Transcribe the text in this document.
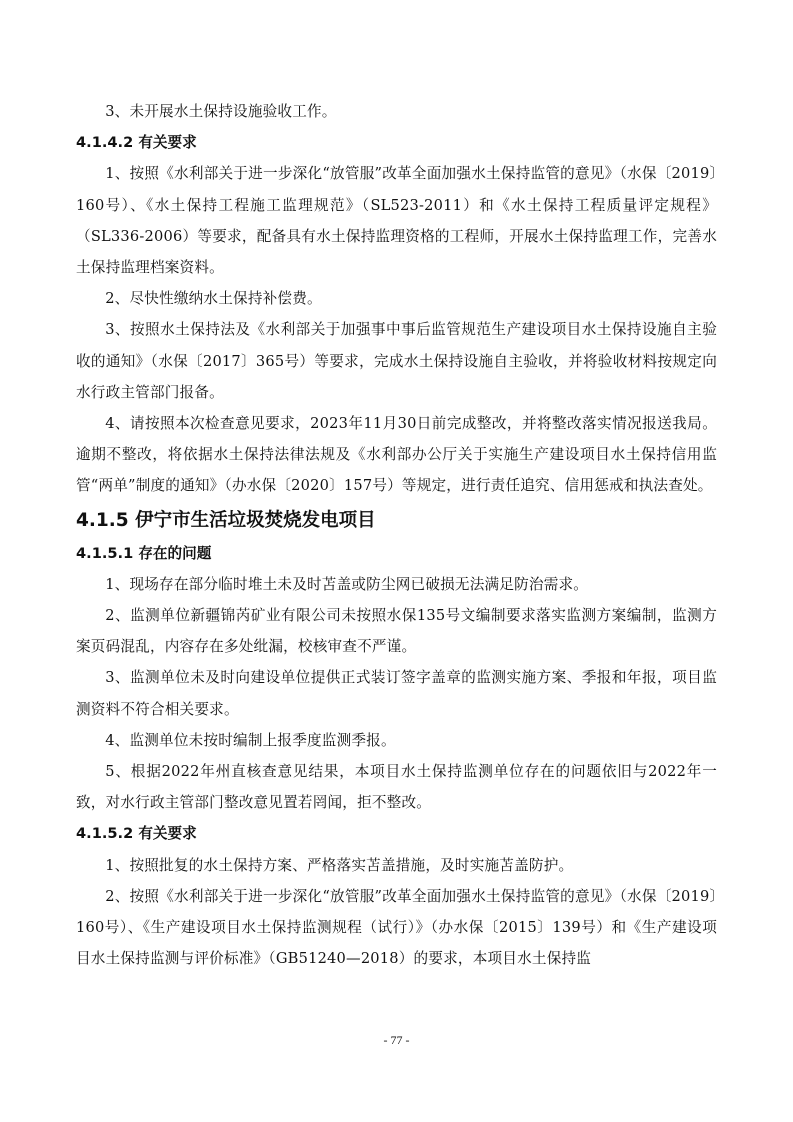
3、未开展水土保持设施验收工作。

4.1.4.2 有关要求

1、按照《水利部关于进一步深化“放管服”改革全面加强水土保持监管的意见》（水保〔2019〕160号）、《水土保持工程施工监理规范》（SL523-2011）和《水土保持工程质量评定规程》（SL336-2006）等要求，配备具有水土保持监理资格的工程师，开展水土保持监理工作，完善水土保持监理档案资料。

2、尽快性缴纳水土保持补偿费。

3、按照水土保持法及《水利部关于加强事中事后监管规范生产建设项目水土保持设施自主验收的通知》（水保〔2017〕365号）等要求，完成水土保持设施自主验收，并将验收材料按规定向水行政主管部门报备。

4、请按照本次检查意见要求，2023年11月30日前完成整改，并将整改落实情况报送我局。逾期不整改，将依据水土保持法律法规及《水利部办公厅关于实施生产建设项目水土保持信用监管“两单”制度的通知》（办水保〔2020〕157号）等规定，进行责任追究、信用惩戒和执法查处。

4.1.5 伊宁市生活垃圾焚烧发电项目

4.1.5.1 存在的问题

1、现场存在部分临时堆土未及时苫盖或防尘网已破损无法满足防治需求。

2、监测单位新疆锦芮矿业有限公司未按照水保135号文编制要求落实监测方案编制，监测方案页码混乱，内容存在多处纰漏，校核审查不严谨。

3、监测单位未及时向建设单位提供正式装订签字盖章的监测实施方案、季报和年报，项目监测资料不符合相关要求。

4、监测单位未按时编制上报季度监测季报。

5、根据2022年州直核查意见结果，本项目水土保持监测单位存在的问题依旧与2022年一致，对水行政主管部门整改意见置若罔闻，拒不整改。

4.1.5.2 有关要求

1、按照批复的水土保持方案、严格落实苫盖措施，及时实施苫盖防护。

2、按照《水利部关于进一步深化“放管服”改革全面加强水土保持监管的意见》（水保〔2019〕160号）、《生产建设项目水土保持监测规程（试行）》（办水保〔2015〕139号）和《生产建设项目水土保持监测与评价标准》（GB51240—2018）的要求，本项目水土保持监

- 77 -
